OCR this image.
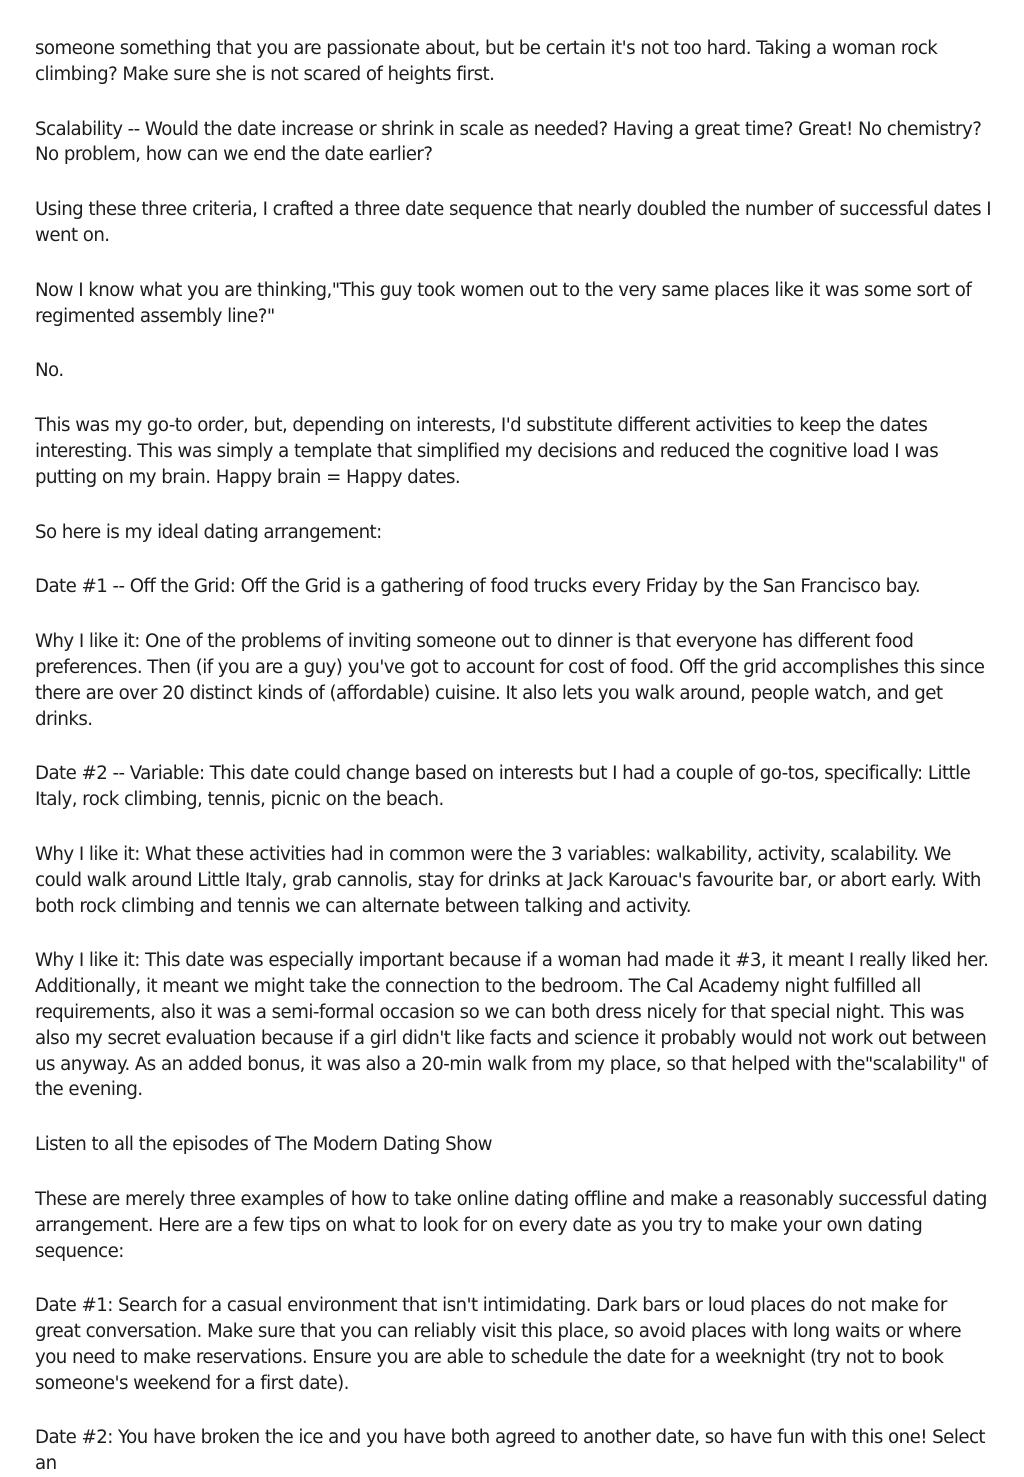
someone something that you are passionate about, but be certain it's not too hard. Taking a woman rock climbing? Make sure she is not scared of heights first.

Scalability -- Would the date increase or shrink in scale as needed? Having a great time? Great! No chemistry? No problem, how can we end the date earlier?

Using these three criteria, I crafted a three date sequence that nearly doubled the number of successful dates I went on.

Now I know what you are thinking,"This guy took women out to the very same places like it was some sort of regimented assembly line?"

No.

This was my go-to order, but, depending on interests, I'd substitute different activities to keep the dates interesting. This was simply a template that simplified my decisions and reduced the cognitive load I was putting on my brain. Happy brain = Happy dates.

So here is my ideal dating arrangement:

Date #1 -- Off the Grid: Off the Grid is a gathering of food trucks every Friday by the San Francisco bay.

Why I like it: One of the problems of inviting someone out to dinner is that everyone has different food preferences. Then (if you are a guy) you've got to account for cost of food. Off the grid accomplishes this since there are over 20 distinct kinds of (affordable) cuisine. It also lets you walk around, people watch, and get drinks.

Date #2 -- Variable: This date could change based on interests but I had a couple of go-tos, specifically: Little Italy, rock climbing, tennis, picnic on the beach.

Why I like it: What these activities had in common were the 3 variables: walkability, activity, scalability. We could walk around Little Italy, grab cannolis, stay for drinks at Jack Karouac's favourite bar, or abort early. With both rock climbing and tennis we can alternate between talking and activity.

Why I like it: This date was especially important because if a woman had made it #3, it meant I really liked her. Additionally, it meant we might take the connection to the bedroom. The Cal Academy night fulfilled all requirements, also it was a semi-formal occasion so we can both dress nicely for that special night. This was also my secret evaluation because if a girl didn't like facts and science it probably would not work out between us anyway. As an added bonus, it was also a 20-min walk from my place, so that helped with the"scalability" of the evening.

Listen to all the episodes of The Modern Dating Show

These are merely three examples of how to take online dating offline and make a reasonably successful dating arrangement. Here are a few tips on what to look for on every date as you try to make your own dating sequence:

Date #1: Search for a casual environment that isn't intimidating. Dark bars or loud places do not make for great conversation. Make sure that you can reliably visit this place, so avoid places with long waits or where you need to make reservations. Ensure you are able to schedule the date for a weeknight (try not to book someone's weekend for a first date).

Date #2: You have broken the ice and you have both agreed to another date, so have fun with this one! Select an
